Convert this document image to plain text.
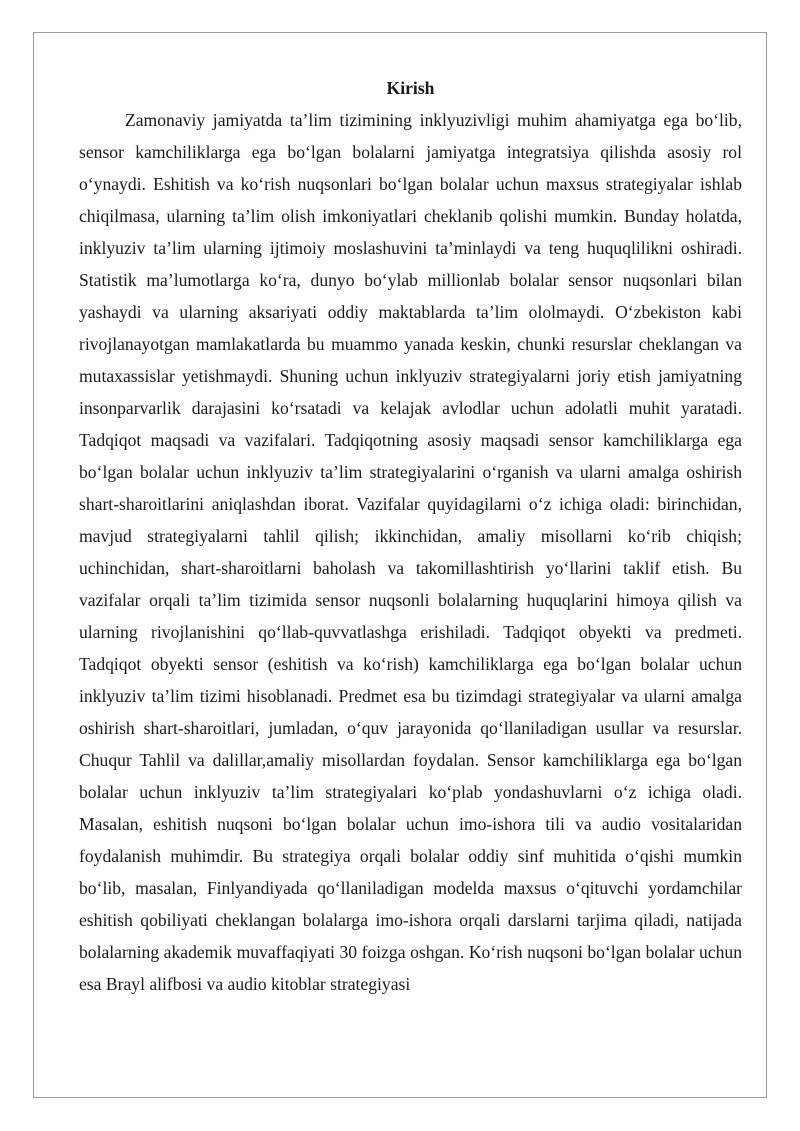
Kirish

Zamonaviy jamiyatda ta’lim tizimining inklyuzivligi muhim ahamiyatga ega bo‘lib, sensor kamchiliklarga ega bo‘lgan bolalarni jamiyatga integratsiya qilishda asosiy rol o‘ynaydi. Eshitish va ko‘rish nuqsonlari bo‘lgan bolalar uchun maxsus strategiyalar ishlab chiqilmasa, ularning ta’lim olish imkoniyatlari cheklanib qolishi mumkin. Bunday holatda, inklyuziv ta’lim ularning ijtimoiy moslashuvini ta’minlaydi va teng huquqlilikni oshiradi. Statistik ma’lumotlarga ko‘ra, dunyo bo‘ylab millionlab bolalar sensor nuqsonlari bilan yashaydi va ularning aksariyati oddiy maktablarda ta’lim ololmaydi. O‘zbekiston kabi rivojlanayotgan mamlakatlarda bu muammo yanada keskin, chunki resurslar cheklangan va mutaxassislar yetishmaydi. Shuning uchun inklyuziv strategiyalarni joriy etish jamiyatning insonparvarlik darajasini ko‘rsatadi va kelajak avlodlar uchun adolatli muhit yaratadi. Tadqiqot maqsadi va vazifalari. Tadqiqotning asosiy maqsadi sensor kamchiliklarga ega bo‘lgan bolalar uchun inklyuziv ta’lim strategiyalarini o‘rganish va ularni amalga oshirish shart-sharoitlarini aniqlashdan iborat. Vazifalar quyidagilarni o‘z ichiga oladi: birinchidan, mavjud strategiyalarni tahlil qilish; ikkinchidan, amaliy misollarni ko‘rib chiqish; uchinchidan, shart-sharoitlarni baholash va takomillashtirish yo‘llarini taklif etish. Bu vazifalar orqali ta’lim tizimida sensor nuqsonli bolalarning huquqlarini himoya qilish va ularning rivojlanishini qo‘llab-quvvatlashga erishiladi. Tadqiqot obyekti va predmeti. Tadqiqot obyekti sensor (eshitish va ko‘rish) kamchiliklarga ega bo‘lgan bolalar uchun inklyuziv ta’lim tizimi hisoblanadi. Predmet esa bu tizimdagi strategiyalar va ularni amalga oshirish shart-sharoitlari, jumladan, o‘quv jarayonida qo‘llaniladigan usullar va resurslar. Chuqur Tahlil va dalillar,amaliy misollardan foydalan. Sensor kamchiliklarga ega bo‘lgan bolalar uchun inklyuziv ta’lim strategiyalari ko‘plab yondashuvlarni o‘z ichiga oladi. Masalan, eshitish nuqsoni bo‘lgan bolalar uchun imo-ishora tili va audio vositalaridan foydalanish muhimdir. Bu strategiya orqali bolalar oddiy sinf muhitida o‘qishi mumkin bo‘lib, masalan, Finlyandiyada qo‘llaniladigan modelda maxsus o‘qituvchi yordamchilar eshitish qobiliyati cheklangan bolalarga imo-ishora orqali darslarni tarjima qiladi, natijada bolalarning akademik muvaffaqiyati 30 foizga oshgan. Ko‘rish nuqsoni bo‘lgan bolalar uchun esa Brayl alifbosi va audio kitoblar strategiyasi
